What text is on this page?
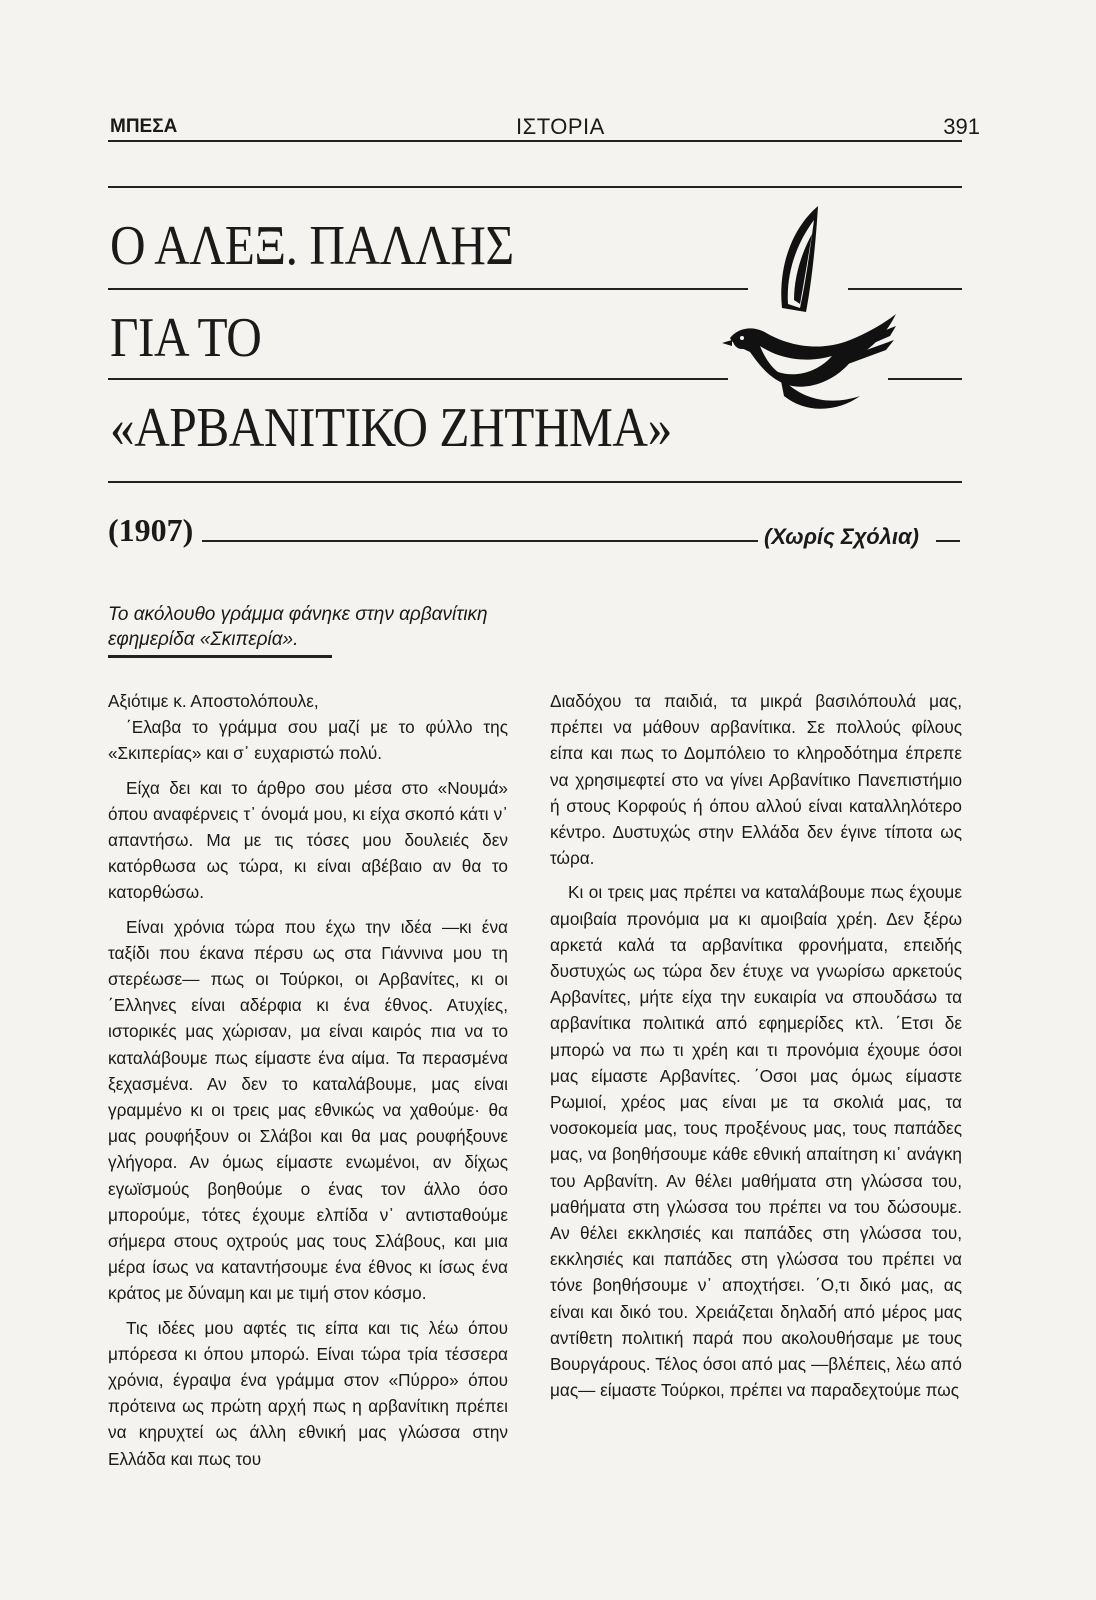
ΜΠΕΣΑ	ΙΣΤΟΡΙΑ	391
Ο ΑΛΕΞ. ΠΑΛΛΗΣ
ΓΙΑ ΤΟ
«ΑΡΒΑΝΙΤΙΚΟ ΖΗΤΗΜΑ»
(1907)	(Χωρίς Σχόλια)
Το ακόλουθο γράμμα φάνηκε στην αρβανίτικη
εφημερίδα «Σκιπερία».

Αξιότιμε κ. Αποστολόπουλε,

΄Ελαβα το γράμμα σου μαζί με το φύλλο της «Σκιπερίας» και σ᾽ ευχαριστώ πολύ.

Είχα δει και το άρθρο σου μέσα στο «Νουμά» όπου αναφέρνεις τ᾽ όνομά μου, κι είχα σκοπό κάτι ν᾽ απαντήσω. Μα με τις τόσες μου δουλειές δεν κατόρθωσα ως τώρα, κι είναι αβέβαιο αν θα το κατορθώσω.

Είναι χρόνια τώρα που έχω την ιδέα —κι ένα ταξίδι που έκανα πέρσυ ως στα Γιάννινα μου τη στερέωσε— πως οι Τούρκοι, οι Αρβανίτες, κι οι ΄Ελληνες είναι αδέρφια κι ένα έθνος. Ατυχίες, ιστορικές μας χώρισαν, μα είναι καιρός πια να το καταλάβουμε πως είμαστε ένα αίμα. Τα περασμένα ξεχασμένα. Αν δεν το καταλάβουμε, μας είναι γραμμένο κι οι τρεις μας εθνικώς να χαθούμε· θα μας ρουφήξουν οι Σλάβοι και θα μας ρουφήξουνε γλήγορα. Αν όμως είμαστε ενωμένοι, αν δίχως εγωϊσμούς βοηθούμε ο ένας τον άλλο όσο μπορούμε, τότες έχουμε ελπίδα ν᾽ αντισταθούμε σήμερα στους οχτρούς μας τους Σλάβους, και μια μέρα ίσως να καταντήσουμε ένα έθνος κι ίσως ένα κράτος με δύναμη και με τιμή στον κόσμο.

Τις ιδέες μου αφτές τις είπα και τις λέω όπου μπόρεσα κι όπου μπορώ. Είναι τώρα τρία τέσσερα χρόνια, έγραψα ένα γράμμα στον «Πύρρο» όπου πρότεινα ως πρώτη αρχή πως η αρβανίτικη πρέπει να κηρυχτεί ως άλλη εθνική μας γλώσσα στην Ελλάδα και πως του

Διαδόχου τα παιδιά, τα μικρά βασιλόπουλά μας, πρέπει να μάθουν αρβανίτικα. Σε πολλούς φίλους είπα και πως το Δομπόλειο το κληροδότημα έπρεπε να χρησιμεφτεί στο να γίνει Αρβανίτικο Πανεπιστήμιο ή στους Κορφούς ή όπου αλλού είναι καταλληλότερο κέντρο. Δυστυχώς στην Ελλάδα δεν έγινε τίποτα ως τώρα.

Κι οι τρεις μας πρέπει να καταλάβουμε πως έχουμε αμοιβαία προνόμια μα κι αμοιβαία χρέη. Δεν ξέρω αρκετά καλά τα αρβανίτικα φρονήματα, επειδής δυστυχώς ως τώρα δεν έτυχε να γνωρίσω αρκετούς Αρβανίτες, μήτε είχα την ευκαιρία να σπουδάσω τα αρβανίτικα πολιτικά από εφημερίδες κτλ. ΄Ετσι δε μπορώ να πω τι χρέη και τι προνόμια έχουμε όσοι μας είμαστε Αρβανίτες. ΄Οσοι μας όμως είμαστε Ρωμιοί, χρέος μας είναι με τα σκολιά μας, τα νοσοκομεία μας, τους προξένους μας, τους παπάδες μας, να βοηθήσουμε κάθε εθνική απαίτηση κι᾽ ανάγκη του Αρβανίτη. Αν θέλει μαθήματα στη γλώσσα του, μαθήματα στη γλώσσα του πρέπει να του δώσουμε. Αν θέλει εκκλησιές και παπάδες στη γλώσσα του, εκκλησιές και παπάδες στη γλώσσα του πρέπει να τόνε βοηθήσουμε ν᾽ αποχτήσει. ΄Ο,τι δικό μας, ας είναι και δικό του. Χρειάζεται δηλαδή από μέρος μας αντίθετη πολιτική παρά που ακολουθήσαμε με τους Βουργάρους. Τέλος όσοι από μας —βλέπεις, λέω από μας— είμαστε Τούρκοι, πρέπει να παραδεχτούμε πως
